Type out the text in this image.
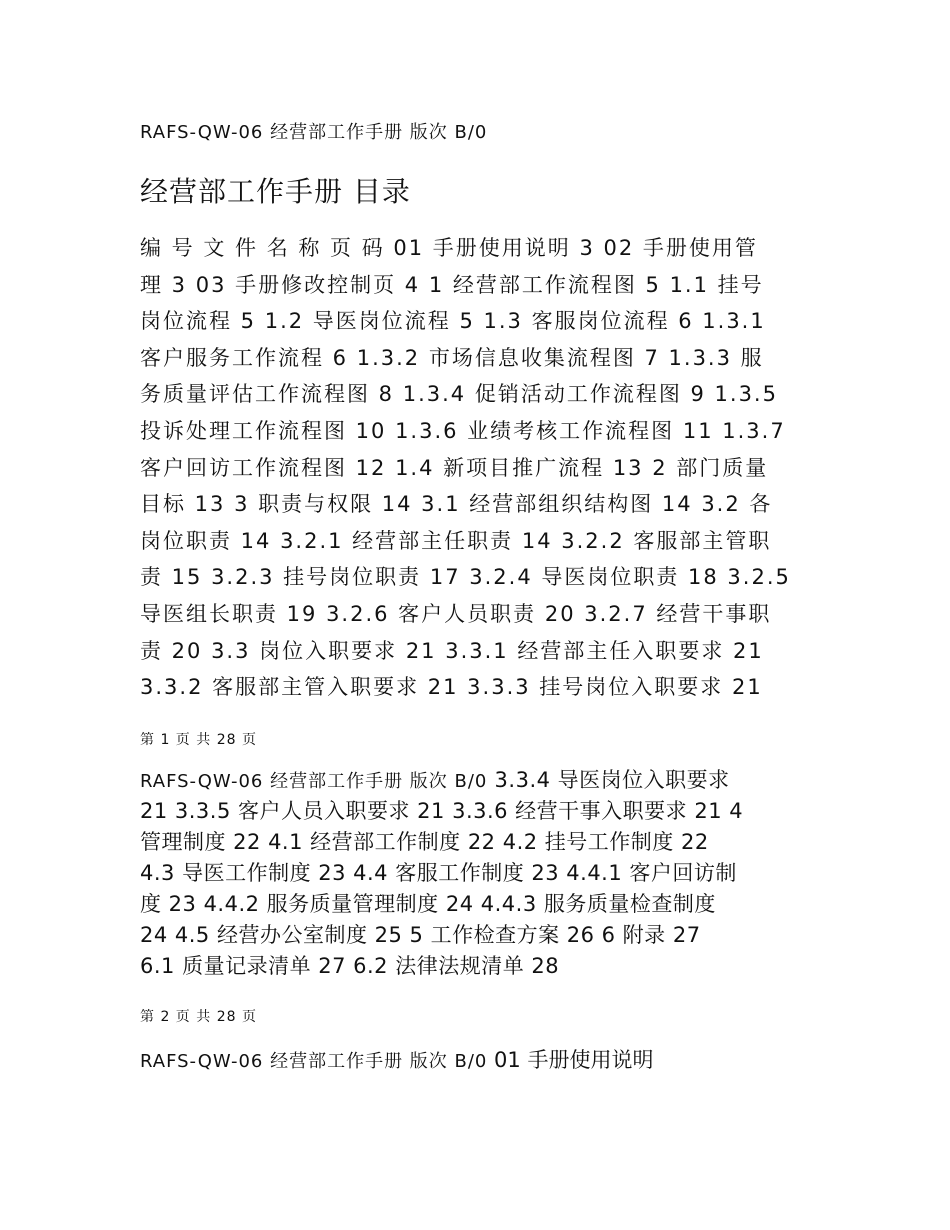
RAFS-QW-06 经营部工作手册 版次 B/0
经营部工作手册 目录
编 号 文 件 名 称 页 码 01 手册使用说明 3 02 手册使用管
理 3 03 手册修改控制页 4 1 经营部工作流程图 5 1.1 挂号
岗位流程 5 1.2 导医岗位流程 5 1.3 客服岗位流程 6 1.3.1
客户服务工作流程 6 1.3.2 市场信息收集流程图 7 1.3.3 服
务质量评估工作流程图 8 1.3.4 促销活动工作流程图 9 1.3.5
投诉处理工作流程图 10 1.3.6 业绩考核工作流程图 11 1.3.7
客户回访工作流程图 12 1.4 新项目推广流程 13 2 部门质量
目标 13 3 职责与权限 14 3.1 经营部组织结构图 14 3.2 各
岗位职责 14 3.2.1 经营部主任职责 14 3.2.2 客服部主管职
责 15 3.2.3 挂号岗位职责 17 3.2.4 导医岗位职责 18 3.2.5
导医组长职责 19 3.2.6 客户人员职责 20 3.2.7 经营干事职
责 20 3.3 岗位入职要求 21 3.3.1 经营部主任入职要求 21
3.3.2 客服部主管入职要求 21 3.3.3 挂号岗位入职要求 21
第 1 页 共 28 页
RAFS-QW-06 经营部工作手册 版次 B/0 3.3.4 导医岗位入职要求
21 3.3.5 客户人员入职要求 21 3.3.6 经营干事入职要求 21 4
管理制度 22 4.1 经营部工作制度 22 4.2 挂号工作制度 22
4.3 导医工作制度 23 4.4 客服工作制度 23 4.4.1 客户回访制
度 23 4.4.2 服务质量管理制度 24 4.4.3 服务质量检查制度
24 4.5 经营办公室制度 25 5 工作检查方案 26 6 附录 27
6.1 质量记录清单 27 6.2 法律法规清单 28
第 2 页 共 28 页
RAFS-QW-06 经营部工作手册 版次 B/0 01 手册使用说明
